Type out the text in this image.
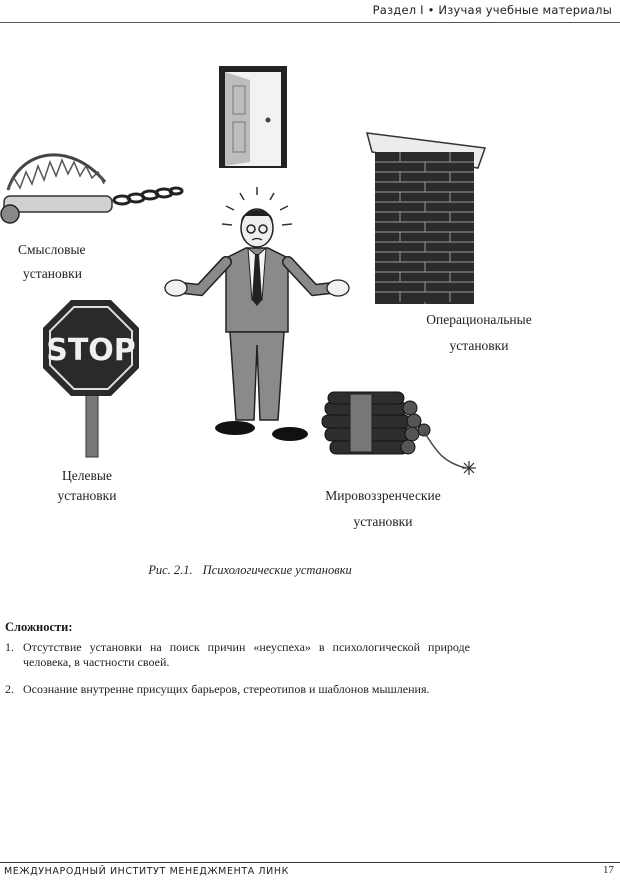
Раздел I • Изучая учебные материалы
STOP
Смысловые
установки
Операциональные
установки
Целевые
установки	Мировоззренческие
установки
Рис. 2.1. Психологические установки
Сложности:
1. Отсутствие установки на поиск причин «неуспеха» в психологической природе человека, в частности своей.
2. Осознание внутренне присущих барьеров, стереотипов и шаблонов мышления.
МЕЖДУНАРОДНЫЙ ИНСТИТУТ МЕНЕДЖМЕНТА ЛИНК	17
